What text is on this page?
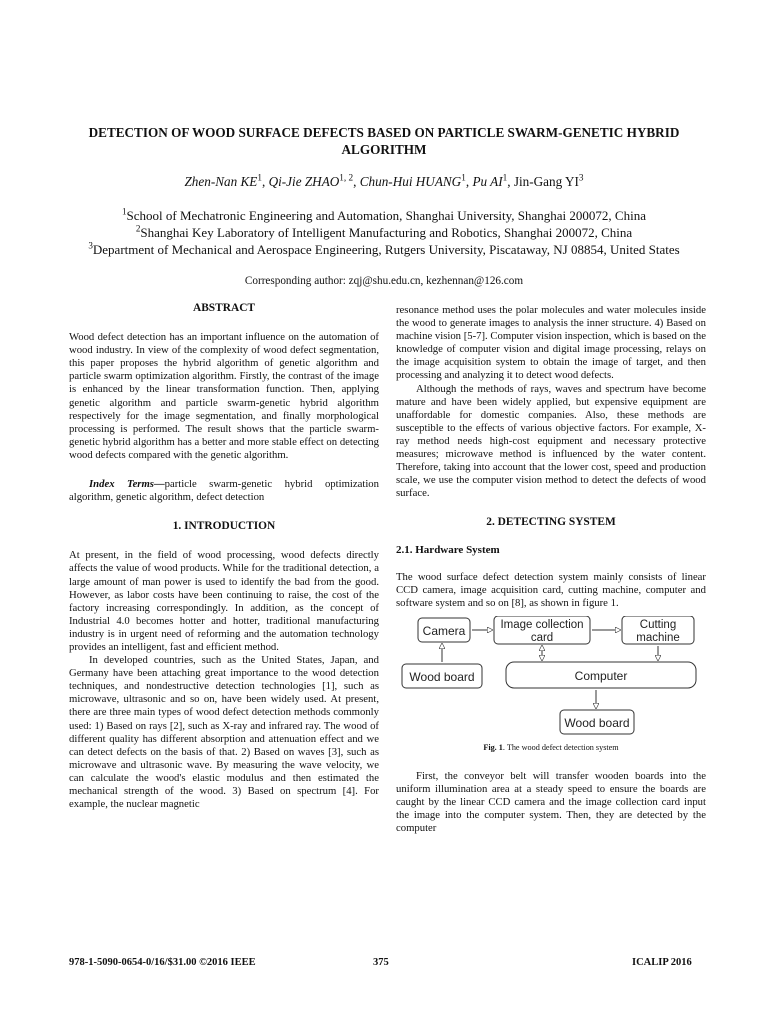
DETECTION OF WOOD SURFACE DEFECTS BASED ON PARTICLE SWARM-GENETIC HYBRID ALGORITHM
Zhen-Nan $KE^1$, Qi-Jie ZHAO$^{1, 2}$, Chun-Hui HUANG$^1$, Pu $AI^1$, Jin-Gang $YI^3$
$^1$School of Mechatronic Engineering and Automation, Shanghai University, Shanghai 200072, China
$^2$Shanghai Key Laboratory of Intelligent Manufacturing and Robotics, Shanghai 200072, China
$^3$Department of Mechanical and Aerospace Engineering, Rutgers University, Piscataway, NJ 08854, United States
Corresponding author: zqj@shu.edu.cn, kezhennan@126.com

ABSTRACT

Wood defect detection has an important influence on the automation of wood industry. In view of the complexity of wood defect segmentation, this paper proposes the hybrid algorithm of genetic algorithm and particle swarm optimization algorithm. Firstly, the contrast of the image is enhanced by the linear transformation function. Then, applying genetic algorithm and particle swarm-genetic hybrid algorithm respectively for the image segmentation, and finally morphological processing is performed. The result shows that the particle swarm-genetic hybrid algorithm has a better and more stable effect on detecting wood defects compared with the genetic algorithm.

Index Terms—particle swarm-genetic hybrid optimization algorithm, genetic algorithm, defect detection

1. INTRODUCTION

At present, in the field of wood processing, wood defects directly affects the value of wood products. While for the traditional detection, a large amount of man power is used to identify the bad from the good. However, as labor costs have been continuing to raise, the cost of the factory increasing correspondingly. In addition, as the concept of Industrial 4.0 becomes hotter and hotter, traditional manufacturing industry is in urgent need of reforming and the automation technology provides an intelligent, fast and efficient method.

In developed countries, such as the United States, Japan, and Germany have been attaching great importance to the wood detection techniques, and nondestructive detection technologies [1], such as microwave, ultrasonic and so on, have been widely used. At present, there are three main types of wood defect detection methods commonly used: 1) Based on rays [2], such as X-ray and infrared ray. The wood of different quality has different absorption and attenuation effect and we can detect defects on the basis of that. 2) Based on waves [3], such as microwave and ultrasonic wave. By measuring the wave velocity, we can calculate the wood's elastic modulus and then estimated the mechanical strength of the wood. 3) Based on spectrum [4]. For example, the nuclear magnetic

resonance method uses the polar molecules and water molecules inside the wood to generate images to analysis the inner structure. 4) Based on machine vision [5-7]. Computer vision inspection, which is based on the knowledge of computer vision and digital image processing, relays on the image acquisition system to obtain the image of target, and then processing and analyzing it to detect wood defects.

Although the methods of rays, waves and spectrum have become mature and have been widely applied, but expensive equipment are unaffordable for domestic companies. Also, these methods are susceptible to the effects of various objective factors. For example, X-ray method needs high-cost equipment and necessary protective measures; microwave method is influenced by the water content. Therefore, taking into account that the lower cost, speed and production scale, we use the computer vision method to detect the defects of wood surface.

2. DETECTING SYSTEM

2.1. Hardware System

The wood surface defect detection system mainly consists of linear CCD camera, image acquisition card, cutting machine, computer and software system and so on [8], as shown in figure 1.

Camera	Image collection
card
Cutting
machine
Wood board	Computer
Wood board

Fig. 1. The wood defect detection system

First, the conveyor belt will transfer wooden boards into the uniform illumination area at a steady speed to ensure the boards are caught by the linear CCD camera and the image collection card input the image into the computer system. Then, they are detected by the computer

978-1-5090-0654-0/16/$31.00 ©2016 IEEE	375	ICALIP 2016
